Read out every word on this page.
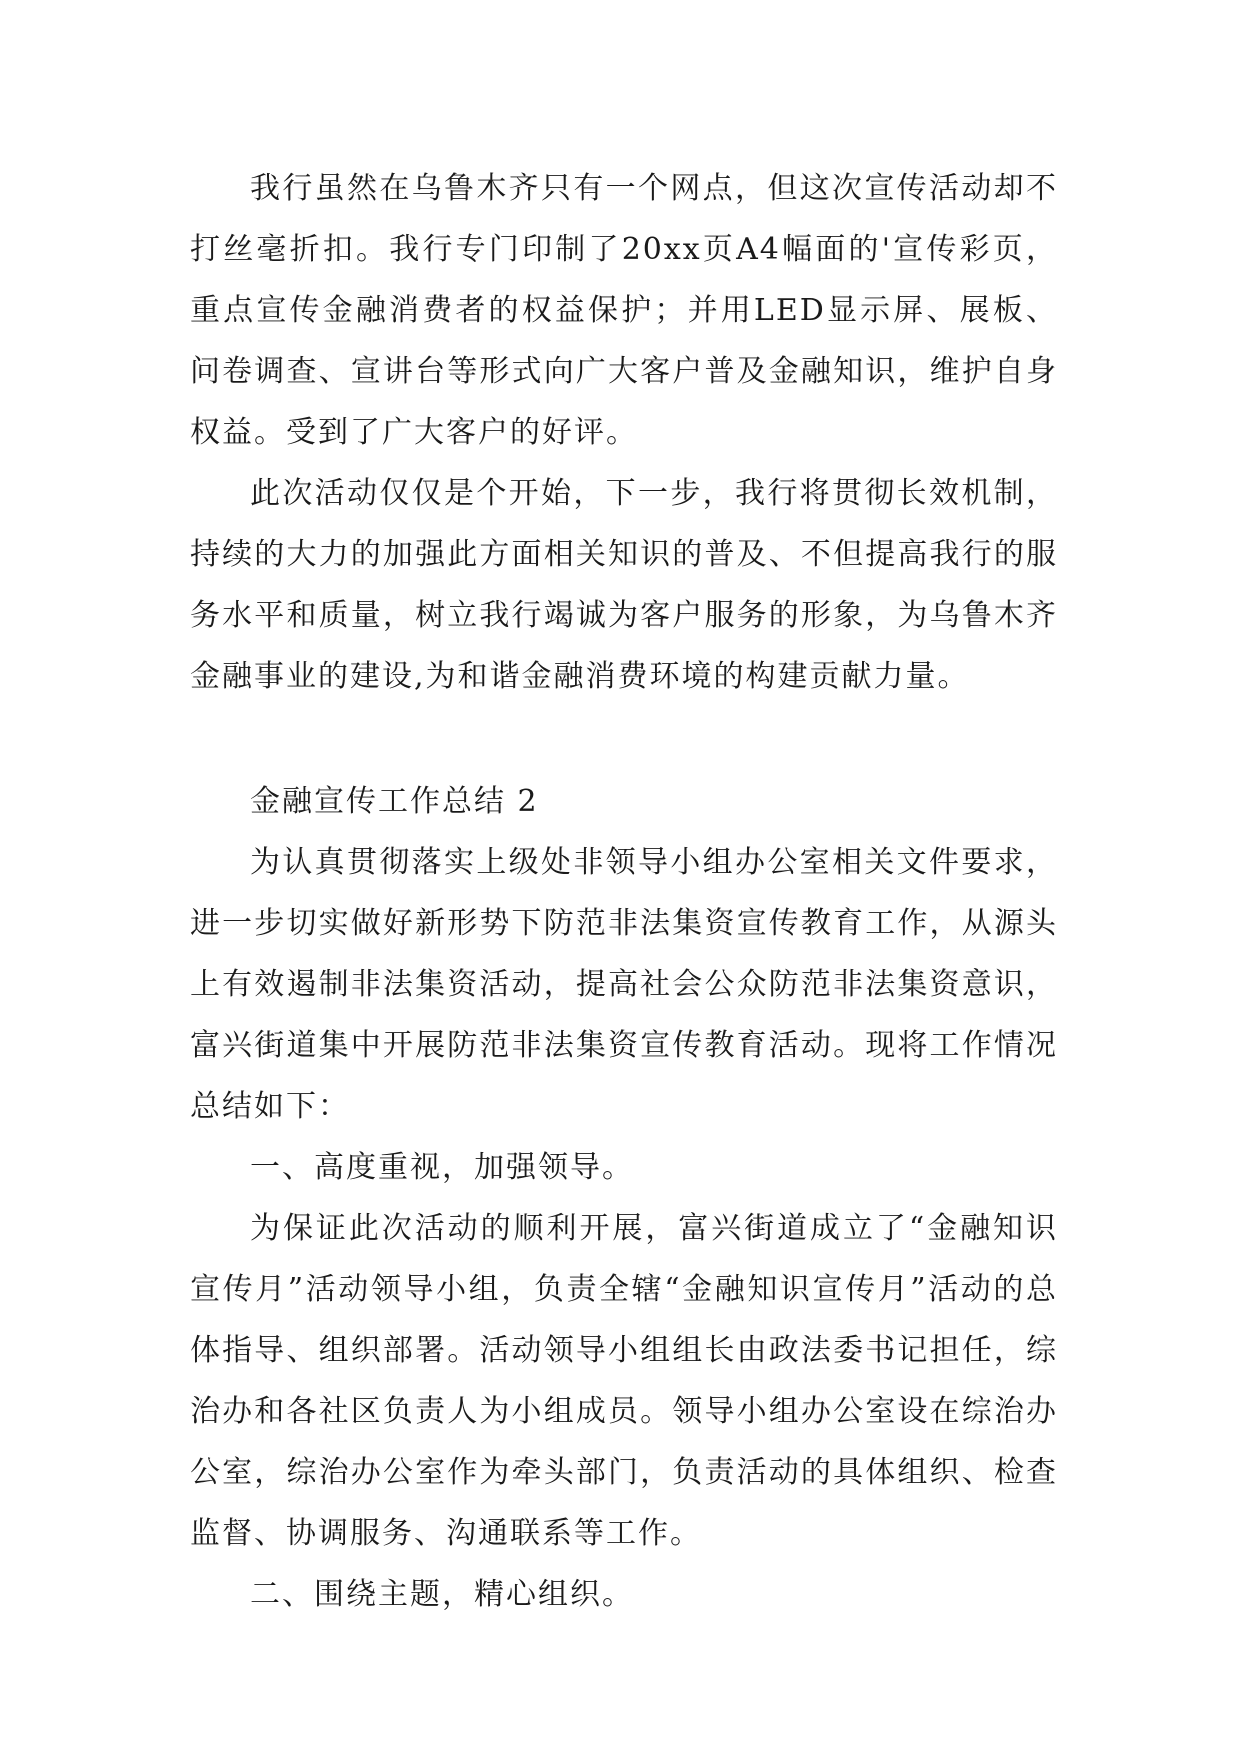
我行虽然在乌鲁木齐只有一个网点，但这次宣传活动却不打丝毫折扣。我行专门印制了20xx页A4幅面的'宣传彩页，重点宣传金融消费者的权益保护；并用LED显示屏、展板、问卷调查、宣讲台等形式向广大客户普及金融知识，维护自身权益。受到了广大客户的好评。

此次活动仅仅是个开始，下一步，我行将贯彻长效机制，持续的大力的加强此方面相关知识的普及、不但提高我行的服务水平和质量，树立我行竭诚为客户服务的形象，为乌鲁木齐金融事业的建设,为和谐金融消费环境的构建贡献力量。

金融宣传工作总结 2

为认真贯彻落实上级处非领导小组办公室相关文件要求，进一步切实做好新形势下防范非法集资宣传教育工作，从源头上有效遏制非法集资活动，提高社会公众防范非法集资意识，富兴街道集中开展防范非法集资宣传教育活动。现将工作情况总结如下：

一、高度重视，加强领导。

为保证此次活动的顺利开展，富兴街道成立了“金融知识宣传月”活动领导小组，负责全辖“金融知识宣传月”活动的总体指导、组织部署。活动领导小组组长由政法委书记担任，综治办和各社区负责人为小组成员。领导小组办公室设在综治办公室，综治办公室作为牵头部门，负责活动的具体组织、检查监督、协调服务、沟通联系等工作。

二、围绕主题，精心组织。
